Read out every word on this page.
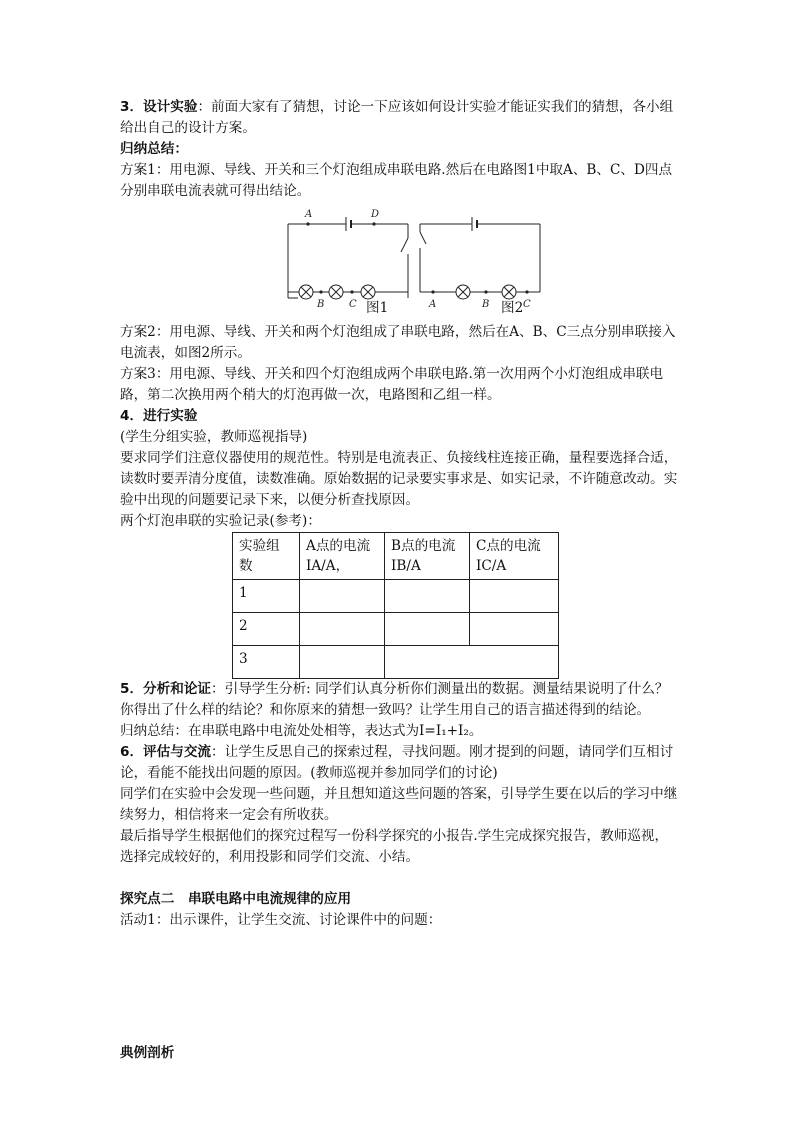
3．设计实验：前面大家有了猜想，讨论一下应该如何设计实验才能证实我们的猜想，各小组给出自己的设计方案。

归纳总结：

方案1：用电源、导线、开关和三个灯泡组成串联电路.然后在电路图1中取A、B、C、D四点分别串联电流表就可得出结论。

A	D
B C	A	B	C
图1	图2

方案2：用电源、导线、开关和两个灯泡组成了串联电路，然后在A、B、C三点分别串联接入电流表，如图2所示。

方案3：用电源、导线、开关和四个灯泡组成两个串联电路.第一次用两个小灯泡组成串联电路，第二次换用两个稍大的灯泡再做一次，电路图和乙组一样。

4．进行实验

(学生分组实验，教师巡视指导)

要求同学们注意仪器使用的规范性。特别是电流表正、负接线柱连接正确，量程要选择合适，读数时要弄清分度值，读数准确。原始数据的记录要实事求是、如实记录，不许随意改动。实验中出现的问题要记录下来，以便分析查找原因。

两个灯泡串联的实验记录(参考)：

实验组数	A点的电流IA/A，	B点的电流IB/A	C点的电流IC/A
1			
2			
3			

5．分析和论证：引导学生分析: 同学们认真分析你们测量出的数据。测量结果说明了什么？你得出了什么样的结论？和你原来的猜想一致吗？让学生用自己的语言描述得到的结论。

归纳总结：在串联电路中电流处处相等，表达式为I=I₁+I₂。

6．评估与交流：让学生反思自己的探索过程，寻找问题。刚才提到的问题，请同学们互相讨论，看能不能找出问题的原因。(教师巡视并参加同学们的讨论)

同学们在实验中会发现一些问题，并且想知道这些问题的答案，引导学生要在以后的学习中继续努力，相信将来一定会有所收获。

最后指导学生根据他们的探究过程写一份科学探究的小报告.学生完成探究报告，教师巡视，选择完成较好的，利用投影和同学们交流、小结。

探究点二　串联电路中电流规律的应用

活动1：出示课件，让学生交流、讨论课件中的问题：

典例剖析
